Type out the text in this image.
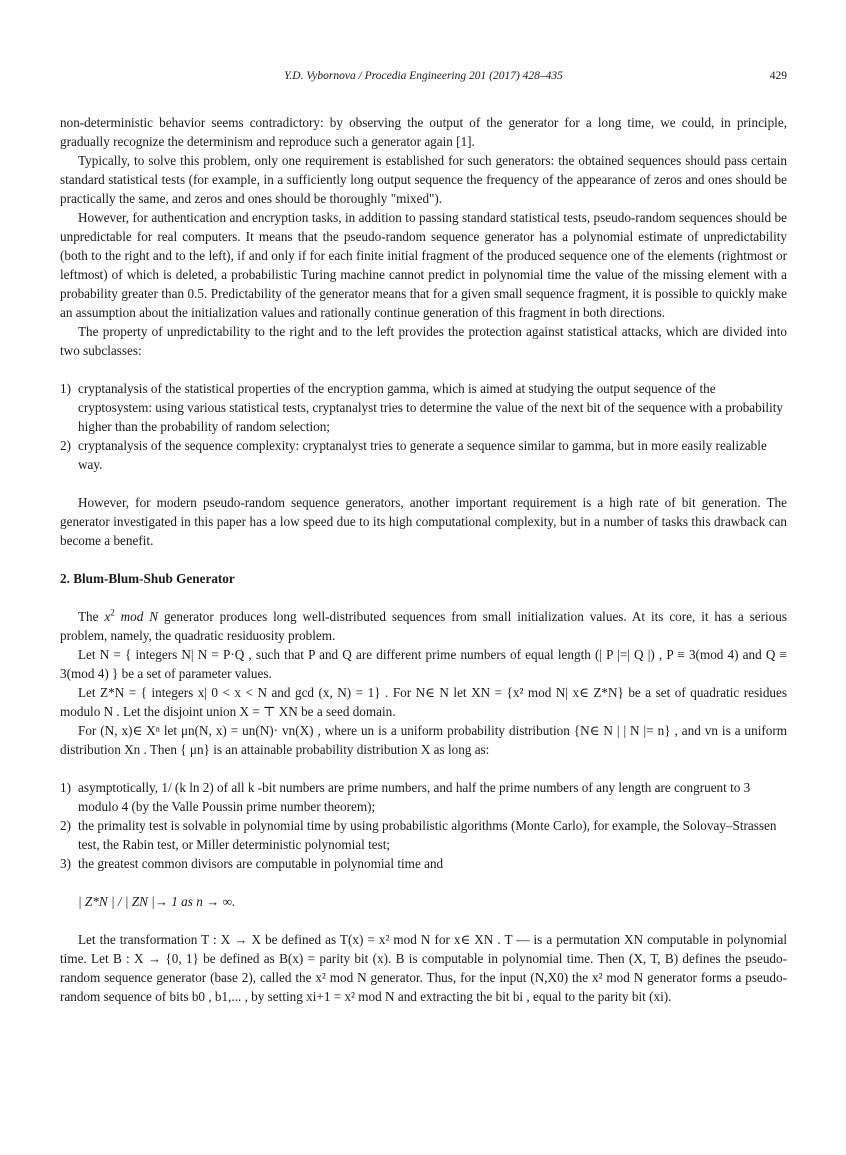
Y.D. Vybornova / Procedia Engineering 201 (2017) 428–435	429

non-deterministic behavior seems contradictory: by observing the output of the generator for a long time, we could, in principle, gradually recognize the determinism and reproduce such a generator again [1].

Typically, to solve this problem, only one requirement is established for such generators: the obtained sequences should pass certain standard statistical tests (for example, in a sufficiently long output sequence the frequency of the appearance of zeros and ones should be practically the same, and zeros and ones should be thoroughly "mixed").

However, for authentication and encryption tasks, in addition to passing standard statistical tests, pseudo-random sequences should be unpredictable for real computers. It means that the pseudo-random sequence generator has a polynomial estimate of unpredictability (both to the right and to the left), if and only if for each finite initial fragment of the produced sequence one of the elements (rightmost or leftmost) of which is deleted, a probabilistic Turing machine cannot predict in polynomial time the value of the missing element with a probability greater than 0.5. Predictability of the generator means that for a given small sequence fragment, it is possible to quickly make an assumption about the initialization values and rationally continue generation of this fragment in both directions.

The property of unpredictability to the right and to the left provides the protection against statistical attacks, which are divided into two subclasses:

1) cryptanalysis of the statistical properties of the encryption gamma, which is aimed at studying the output sequence of the cryptosystem: using various statistical tests, cryptanalyst tries to determine the value of the next bit of the sequence with a probability higher than the probability of random selection;
2) cryptanalysis of the sequence complexity: cryptanalyst tries to generate a sequence similar to gamma, but in more easily realizable way.

However, for modern pseudo-random sequence generators, another important requirement is a high rate of bit generation. The generator investigated in this paper has a low speed due to its high computational complexity, but in a number of tasks this drawback can become a benefit.

2. Blum-Blum-Shub Generator

The $x^2$ mod N generator produces long well-distributed sequences from small initialization values. At its core, it has a serious problem, namely, the quadratic residuosity problem.

Let N = { integers N| N = P·Q , such that P and Q are different prime numbers of equal length (| P |=| Q |) , P ≡ 3(mod 4) and Q ≡ 3(mod 4) } be a set of parameter values.

Let Z*N = { integers x| 0 < x < N and gcd (x, N) = 1} . For N∈ N let XN = {x² mod N| x∈ Z*N} be a set of quadratic residues modulo N . Let the disjoint union X = ⊤ XN be a seed domain.

For (N, x)∈ Xⁿ let μn(N, x) = un(N)· vn(X) , where un is a uniform probability distribution {N∈ N | | N |= n} , and vn is a uniform distribution Xn . Then { μn} is an attainable probability distribution X as long as:

1) asymptotically, 1/ (k ln 2) of all k -bit numbers are prime numbers, and half the prime numbers of any length are congruent to 3 modulo 4 (by the Valle Poussin prime number theorem);
2) the primality test is solvable in polynomial time by using probabilistic algorithms (Monte Carlo), for example, the Solovay–Strassen test, the Rabin test, or Miller deterministic polynomial test;
3) the greatest common divisors are computable in polynomial time and
| Z*N | / | ZN |→ 1 as n → ∞.

Let the transformation T : X → X be defined as T(x) = x² mod N for x∈ XN . T — is a permutation XN computable in polynomial time. Let B : X → {0, 1} be defined as B(x) = parity bit (x). B is computable in polynomial time. Then (X, T, B) defines the pseudo-random sequence generator (base 2), called the x² mod N generator. Thus, for the input (N,X0) the x² mod N generator forms a pseudo-random sequence of bits b0 , b1,... , by setting xi+1 = x² mod N and extracting the bit bi , equal to the parity bit (xi).
